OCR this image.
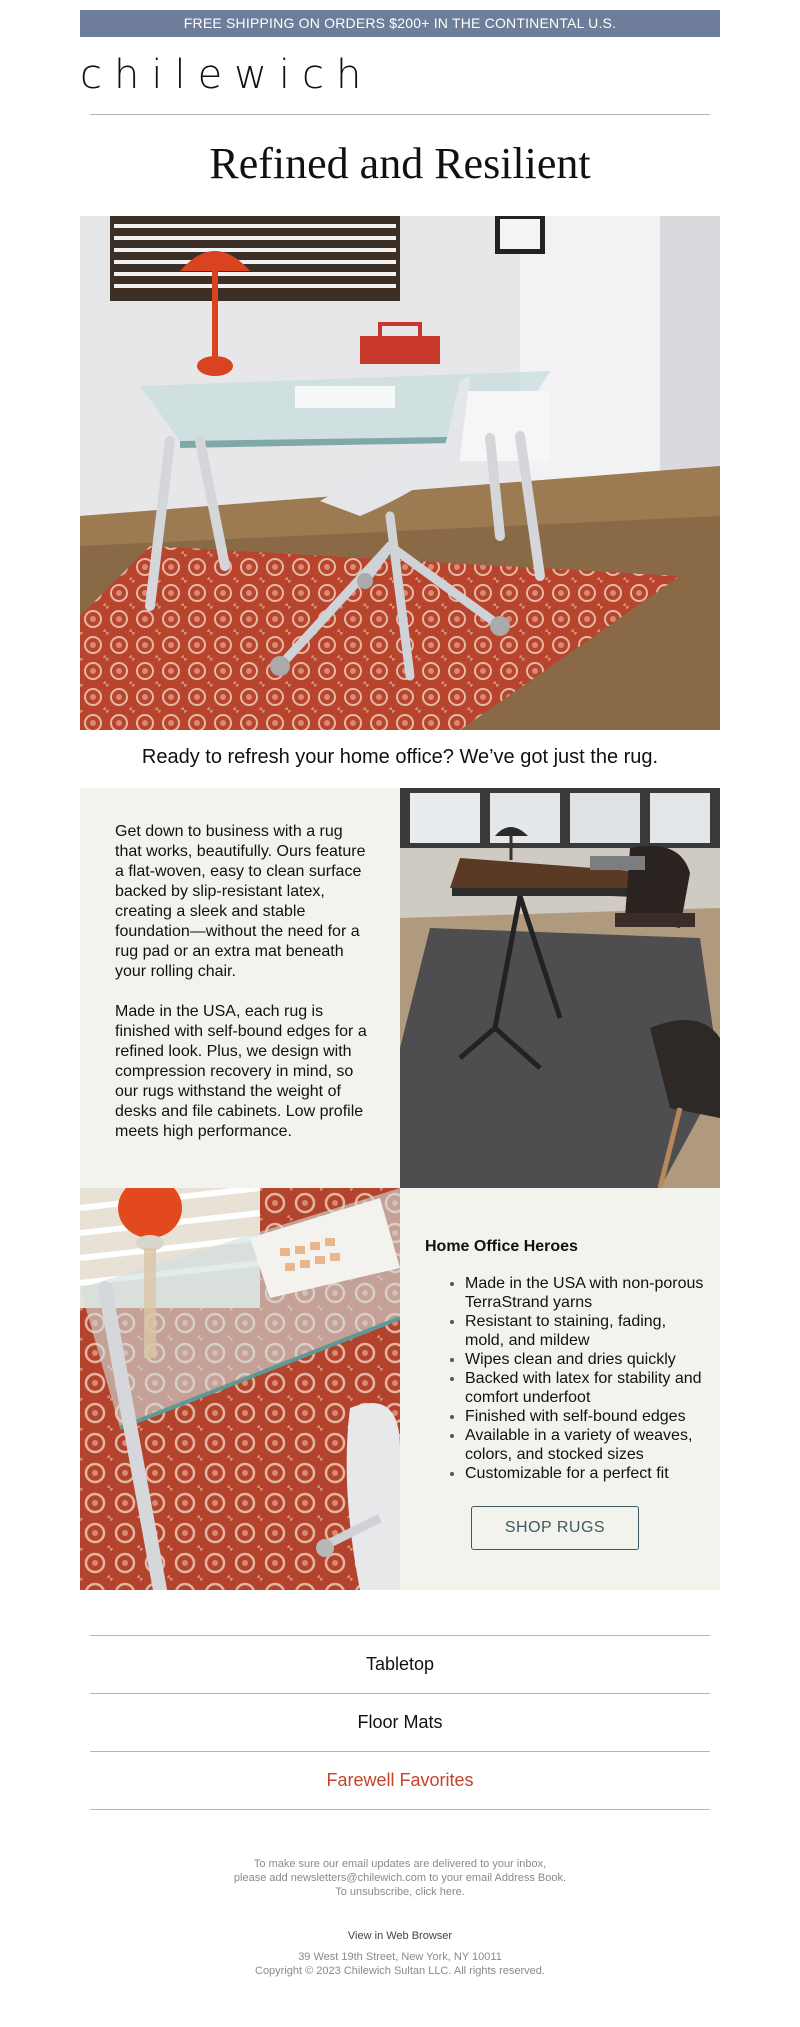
FREE SHIPPING ON ORDERS $200+ IN THE CONTINENTAL U.S.
chilewich
Refined and Resilient
Ready to refresh your home office? We’ve got just the rug.

Get down to business with a rug that works, beautifully. Ours feature a flat-woven, easy to clean surface backed by slip-resistant latex, creating a sleek and stable foundation—without the need for a rug pad or an extra mat beneath your rolling chair.

Made in the USA, each rug is finished with self-bound edges for a refined look. Plus, we design with compression recovery in mind, so our rugs withstand the weight of desks and file cabinets. Low profile meets high performance.

Home Office Heroes
• Made in the USA with non-porous TerraStrand yarns
• Resistant to staining, fading, mold, and mildew
• Wipes clean and dries quickly
• Backed with latex for stability and comfort underfoot
• Finished with self-bound edges
• Available in a variety of weaves, colors, and stocked sizes
• Customizable for a perfect fit
SHOP RUGS
Tabletop
Floor Mats
Farewell Favorites
To make sure our email updates are delivered to your inbox,
please add newsletters@chilewich.com to your email Address Book.
To unsubscribe, click here.
View in Web Browser
39 West 19th Street, New York, NY 10011
Copyright © 2023 Chilewich Sultan LLC. All rights reserved.
